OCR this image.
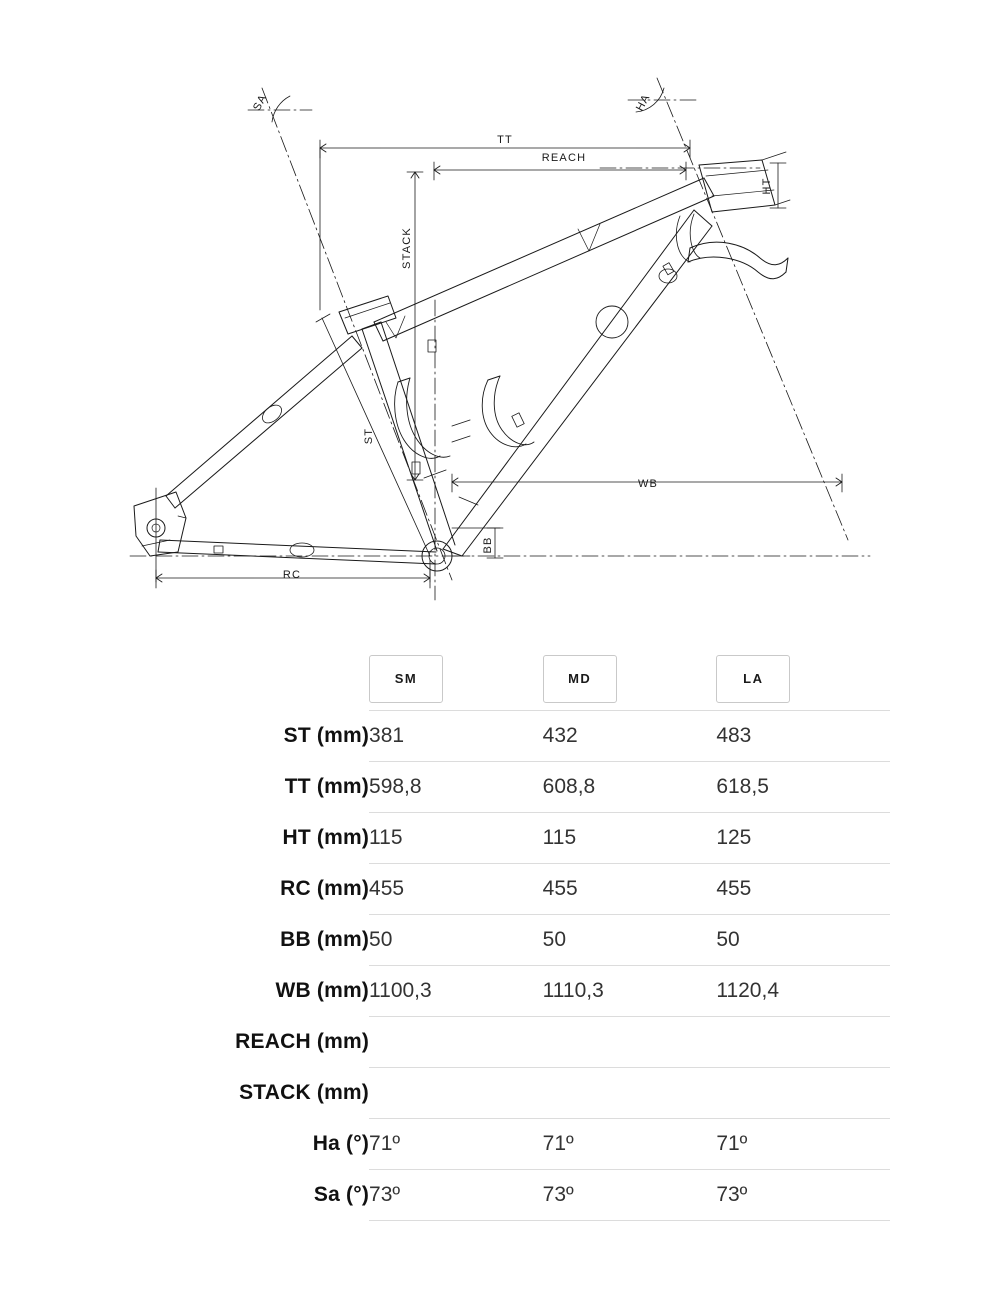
SA	HA
TT
REACH
STACK
HT
ST
WB
BB
RC
	SM	MD	LA
ST (mm)	381	432	483
TT (mm)	598,8	608,8	618,5
HT (mm)	115	115	125
RC (mm)	455	455	455
BB (mm)	50	50	50
WB (mm)	1100,3	1110,3	1120,4
REACH (mm)			
STACK (mm)			
Ha (°)	71º	71º	71º
Sa (°)	73º	73º	73º
